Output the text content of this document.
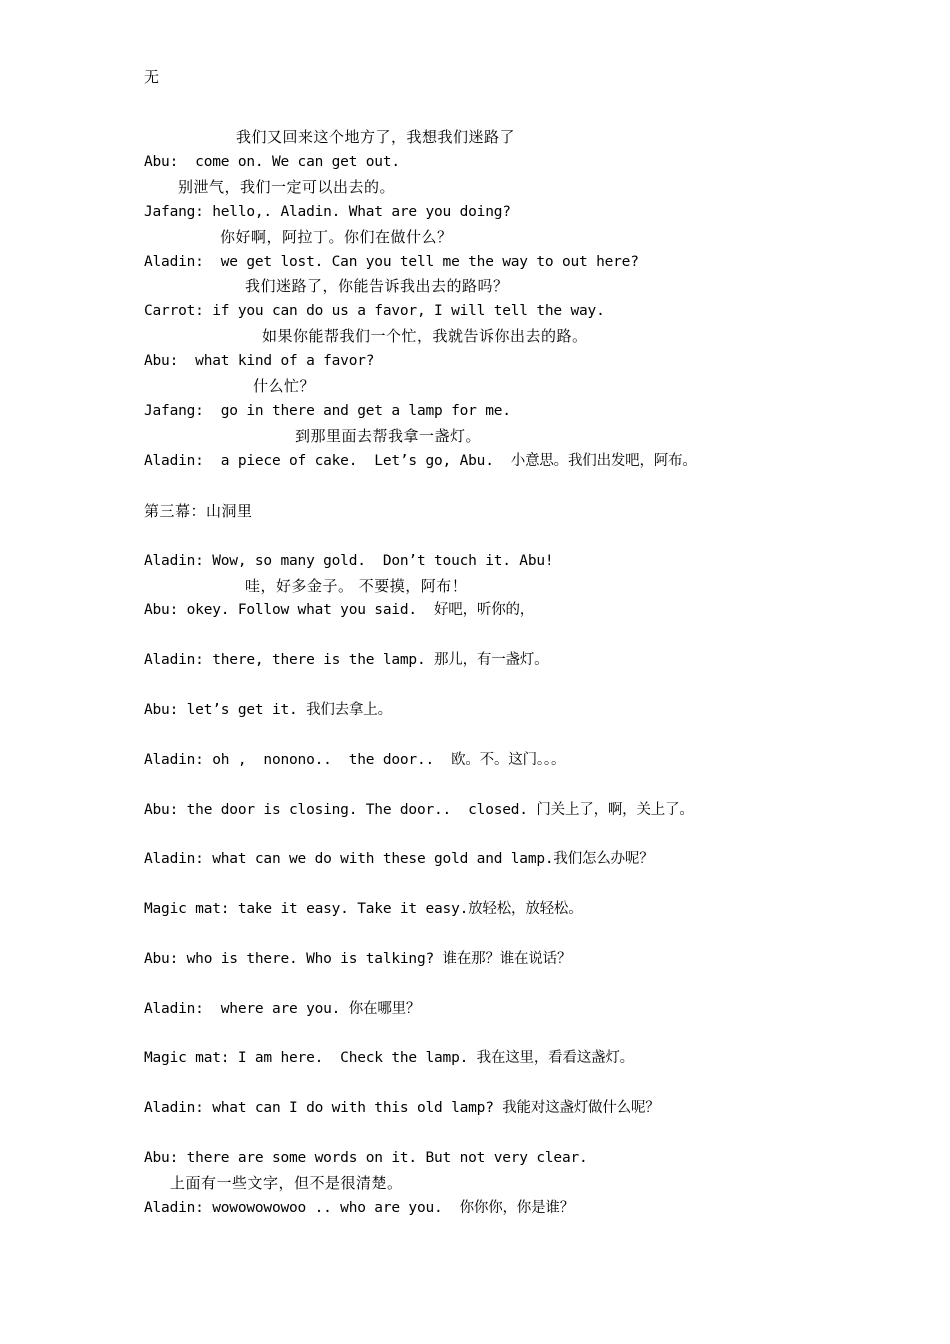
无
我们又回来这个地方了，我想我们迷路了
Abu:  come on. We can get out.
别泄气，我们一定可以出去的。
Jafang: hello,. Aladin. What are you doing?
你好啊，阿拉丁。你们在做什么？
Aladin:  we get lost. Can you tell me the way to out here?
我们迷路了，你能告诉我出去的路吗？
Carrot: if you can do us a favor, I will tell the way.
如果你能帮我们一个忙，我就告诉你出去的路。
Abu:  what kind of a favor?
什么忙？
Jafang:  go in there and get a lamp for me.
到那里面去帮我拿一盏灯。
Aladin:  a piece of cake.  Let’s go, Abu.  小意思。我们出发吧，阿布。
第三幕：山洞里
Aladin: Wow, so many gold.  Don’t touch it. Abu!
哇，好多金子。 不要摸，阿布！
Abu: okey. Follow what you said.  好吧，听你的，
Aladin: there, there is the lamp. 那儿，有一盏灯。
Abu: let’s get it. 我们去拿上。
Aladin: oh ,  nonono..  the door..  欧。不。这门。。。
Abu: the door is closing. The door..  closed. 门关上了，啊，关上了。
Aladin: what can we do with these gold and lamp.我们怎么办呢？
Magic mat: take it easy. Take it easy.放轻松，放轻松。
Abu: who is there. Who is talking? 谁在那？谁在说话？
Aladin:  where are you. 你在哪里？
Magic mat: I am here.  Check the lamp. 我在这里，看看这盏灯。
Aladin: what can I do with this old lamp? 我能对这盏灯做什么呢？
Abu: there are some words on it. But not very clear.
上面有一些文字，但不是很清楚。
Aladin: wowowowowoo .. who are you.  你你你，你是谁？
